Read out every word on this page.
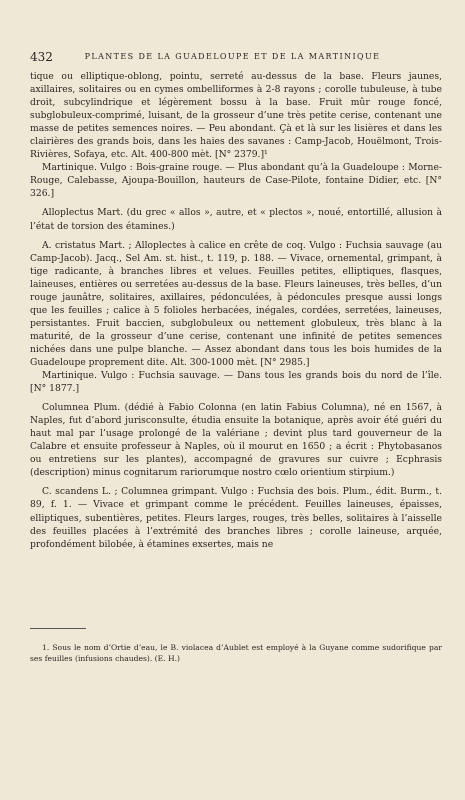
432	PLANTES DE LA GUADELOUPE ET DE LA MARTINIQUE

tique ou elliptique-oblong, pointu, serreté au-dessus de la base. Fleurs jaunes, axillaires, solitaires ou en cymes ombelliformes à 2-8 rayons ; corolle tubuleuse, à tube droit, subcylindrique et légèrement bossu à la base. Fruit mûr rouge foncé, subglobuleux-comprimé, luisant, de la grosseur d’une très petite cerise, contenant une masse de petites semences noires. — Peu abondant. Çà et là sur les lisières et dans les clairières des grands bois, dans les haies des savanes : Camp-Jacob, Houëlmont, Trois-Rivières, Sofaya, etc. Alt. 400-800 mèt. [N° 2379.]¹

Martinique. Vulgo : Bois-graine rouge. — Plus abondant qu’à la Guadeloupe : Morne-Rouge, Calebasse, Ajoupa-Bouillon, hauteurs de Case-Pilote, fontaine Didier, etc. [N° 326.]

Alloplectus Mart. (du grec « allos », autre, et « plectos », noué, entortillé, allusion à l’état de torsion des étamines.)

A. cristatus Mart. ; Alloplectes à calice en crête de coq. Vulgo : Fuchsia sauvage (au Camp-Jacob). Jacq., Sel Am. st. hist., t. 119, p. 188. — Vivace, ornemental, grimpant, à tige radicante, à branches libres et velues. Feuilles petites, elliptiques, flasques, laineuses, entières ou serretées au-dessus de la base. Fleurs laineuses, très belles, d’un rouge jaunâtre, solitaires, axillaires, pédonculées, à pédoncules presque aussi longs que les feuilles ; calice à 5 folioles herbacées, inégales, cordées, serretées, laineuses, persistantes. Fruit baccien, subglobuleux ou nettement globuleux, très blanc à la maturité, de la grosseur d’une cerise, contenant une infinité de petites semences nichées dans une pulpe blanche. — Assez abondant dans tous les bois humides de la Guadeloupe proprement dite. Alt. 300-1000 mèt. [N° 2985.]

Martinique. Vulgo : Fuchsia sauvage. — Dans tous les grands bois du nord de l’île. [N° 1877.]

Columnea Plum. (dédié à Fabio Colonna (en latin Fabius Columna), né en 1567, à Naples, fut d’abord jurisconsulte, étudia ensuite la botanique, après avoir été guéri du haut mal par l’usage prolongé de la valériane ; devint plus tard gouverneur de la Calabre et ensuite professeur à Naples, où il mourut en 1650 ; a écrit : Phytobasanos ou entretiens sur les plantes), accompagné de gravures sur cuivre ; Ecphrasis (description) minus cognitarum rariorumque nostro cœlo orientium stirpium.)

C. scandens L. ; Columnea grimpant. Vulgo : Fuchsia des bois. Plum., édit. Burm., t. 89, f. 1. — Vivace et grimpant comme le précédent. Feuilles laineuses, épaisses, elliptiques, subentières, petites. Fleurs larges, rouges, très belles, solitaires à l’aisselle des feuilles placées à l’extrémité des branches libres ; corolle laineuse, arquée, profondément bilobée, à étamines exsertes, mais ne

1. Sous le nom d’Ortie d’eau, le B. violacea d’Aublet est employé à la Guyane comme sudorifique par ses feuilles (infusions chaudes). (E. H.)
